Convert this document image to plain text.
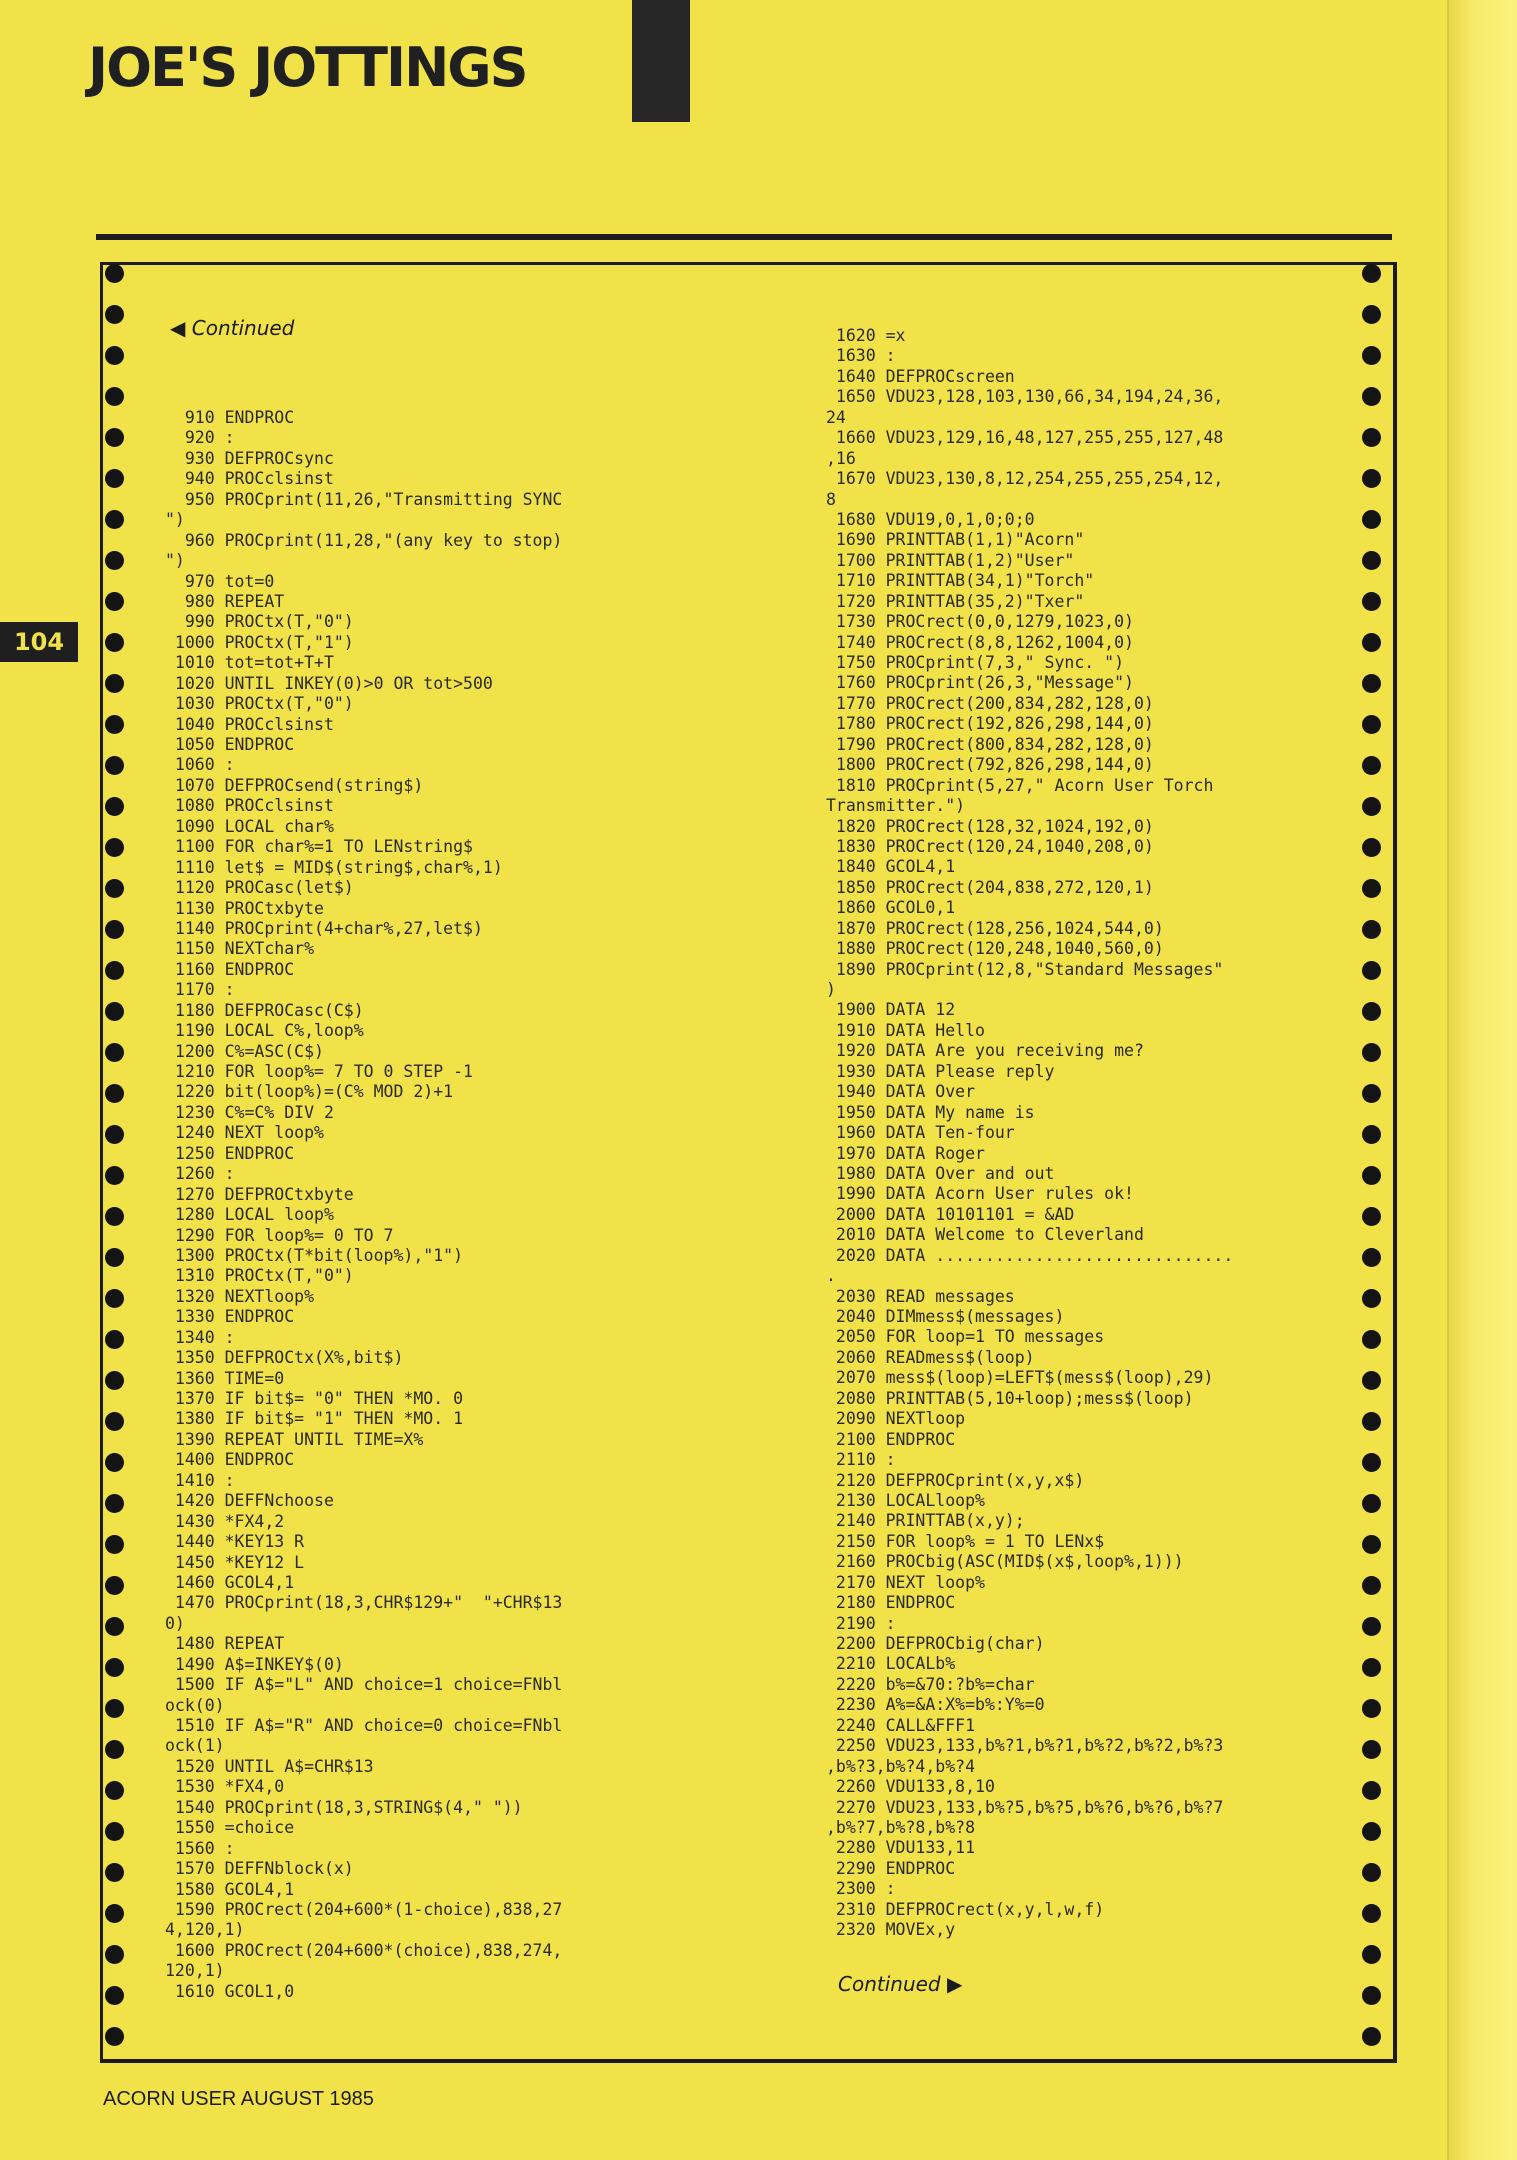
JOE'S JOTTINGS
104
◀ Continued
910 ENDPROC
920 :
930 DEFPROCsync
940 PROCclsinst
950 PROCprint(11,26,"Transmitting SYNC
")
960 PROCprint(11,28,"(any key to stop)
")
970 tot=0
980 REPEAT
990 PROCtx(T,"0")
1000 PROCtx(T,"1")
1010 tot=tot+T+T
1020 UNTIL INKEY(0)>0 OR tot>500
1030 PROCtx(T,"0")
1040 PROCclsinst
1050 ENDPROC
1060 :
1070 DEFPROCsend(string$)
1080 PROCclsinst
1090 LOCAL char%
1100 FOR char%=1 TO LENstring$
1110 let$ = MID$(string$,char%,1)
1120 PROCasc(let$)
1130 PROCtxbyte
1140 PROCprint(4+char%,27,let$)
1150 NEXTchar%
1160 ENDPROC
1170 :
1180 DEFPROCasc(C$)
1190 LOCAL C%,loop%
1200 C%=ASC(C$)
1210 FOR loop%= 7 TO 0 STEP -1
1220 bit(loop%)=(C% MOD 2)+1
1230 C%=C% DIV 2
1240 NEXT loop%
1250 ENDPROC
1260 :
1270 DEFPROCtxbyte
1280 LOCAL loop%
1290 FOR loop%= 0 TO 7
1300 PROCtx(T*bit(loop%),"1")
1310 PROCtx(T,"0")
1320 NEXTloop%
1330 ENDPROC
1340 :
1350 DEFPROCtx(X%,bit$)
1360 TIME=0
1370 IF bit$= "0" THEN *MO. 0
1380 IF bit$= "1" THEN *MO. 1
1390 REPEAT UNTIL TIME=X%
1400 ENDPROC
1410 :
1420 DEFFNchoose
1430 *FX4,2
1440 *KEY13 R
1450 *KEY12 L
1460 GCOL4,1
1470 PROCprint(18,3,CHR$129+"  "+CHR$13
0)
1480 REPEAT
1490 A$=INKEY$(0)
1500 IF A$="L" AND choice=1 choice=FNbl
ock(0)
1510 IF A$="R" AND choice=0 choice=FNbl
ock(1)
1520 UNTIL A$=CHR$13
1530 *FX4,0
1540 PROCprint(18,3,STRING$(4," "))
1550 =choice
1560 :
1570 DEFFNblock(x)
1580 GCOL4,1
1590 PROCrect(204+600*(1-choice),838,27
4,120,1)
1600 PROCrect(204+600*(choice),838,274,
120,1)
1610 GCOL1,0
1620 =x
1630 :
1640 DEFPROCscreen
1650 VDU23,128,103,130,66,34,194,24,36,
24
1660 VDU23,129,16,48,127,255,255,127,48
,16
1670 VDU23,130,8,12,254,255,255,254,12,
8
1680 VDU19,0,1,0;0;0
1690 PRINTTAB(1,1)"Acorn"
1700 PRINTTAB(1,2)"User"
1710 PRINTTAB(34,1)"Torch"
1720 PRINTTAB(35,2)"Txer"
1730 PROCrect(0,0,1279,1023,0)
1740 PROCrect(8,8,1262,1004,0)
1750 PROCprint(7,3," Sync. ")
1760 PROCprint(26,3,"Message")
1770 PROCrect(200,834,282,128,0)
1780 PROCrect(192,826,298,144,0)
1790 PROCrect(800,834,282,128,0)
1800 PROCrect(792,826,298,144,0)
1810 PROCprint(5,27," Acorn User Torch
Transmitter.")
1820 PROCrect(128,32,1024,192,0)
1830 PROCrect(120,24,1040,208,0)
1840 GCOL4,1
1850 PROCrect(204,838,272,120,1)
1860 GCOL0,1
1870 PROCrect(128,256,1024,544,0)
1880 PROCrect(120,248,1040,560,0)
1890 PROCprint(12,8,"Standard Messages"
)
1900 DATA 12
1910 DATA Hello
1920 DATA Are you receiving me?
1930 DATA Please reply
1940 DATA Over
1950 DATA My name is
1960 DATA Ten-four
1970 DATA Roger
1980 DATA Over and out
1990 DATA Acorn User rules ok!
2000 DATA 10101101 = &AD
2010 DATA Welcome to Cleverland
2020 DATA ..............................
.
2030 READ messages
2040 DIMmess$(messages)
2050 FOR loop=1 TO messages
2060 READmess$(loop)
2070 mess$(loop)=LEFT$(mess$(loop),29)
2080 PRINTTAB(5,10+loop);mess$(loop)
2090 NEXTloop
2100 ENDPROC
2110 :
2120 DEFPROCprint(x,y,x$)
2130 LOCALloop%
2140 PRINTTAB(x,y);
2150 FOR loop% = 1 TO LENx$
2160 PROCbig(ASC(MID$(x$,loop%,1)))
2170 NEXT loop%
2180 ENDPROC
2190 :
2200 DEFPROCbig(char)
2210 LOCALb%
2220 b%=&70:?b%=char
2230 A%=&A:X%=b%:Y%=0
2240 CALL&FFF1
2250 VDU23,133,b%?1,b%?1,b%?2,b%?2,b%?3
,b%?3,b%?4,b%?4
2260 VDU133,8,10
2270 VDU23,133,b%?5,b%?5,b%?6,b%?6,b%?7
,b%?7,b%?8,b%?8
2280 VDU133,11
2290 ENDPROC
2300 :
2310 DEFPROCrect(x,y,l,w,f)
2320 MOVEx,y
Continued ▶
ACORN USER AUGUST 1985
